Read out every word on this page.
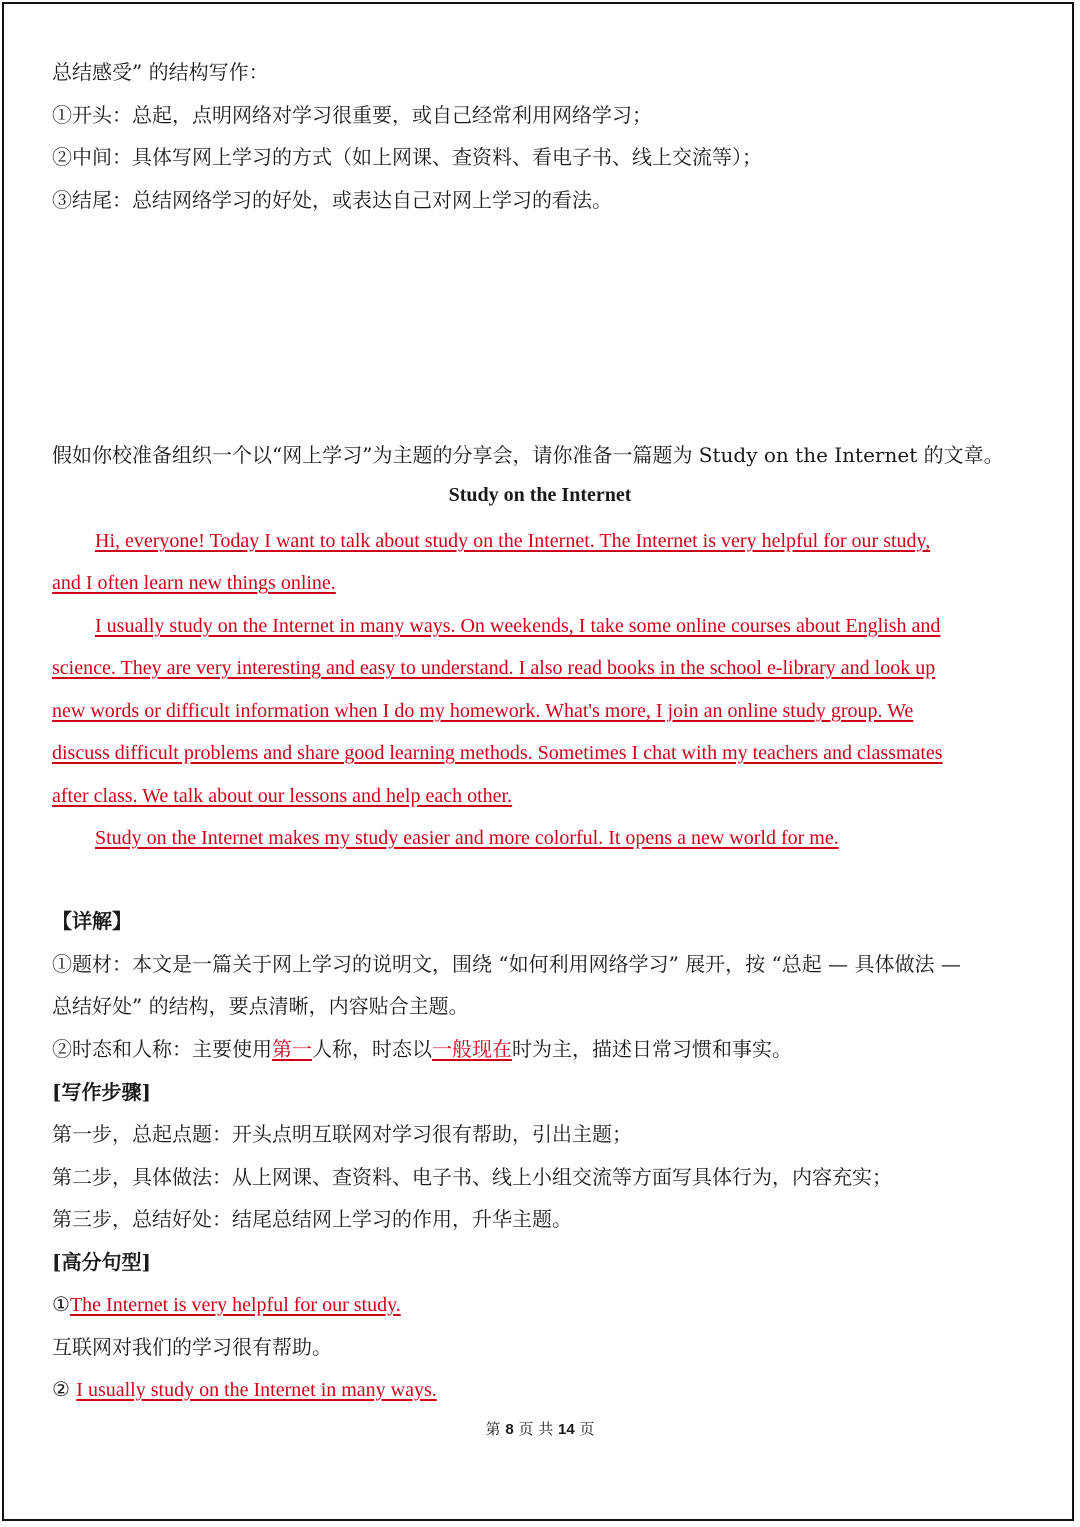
总结感受” 的结构写作：
①开头：总起，点明网络对学习很重要，或自己经常利用网络学习；
②中间：具体写网上学习的方式（如上网课、查资料、看电子书、线上交流等）；
③结尾：总结网络学习的好处，或表达自己对网上学习的看法。
假如你校准备组织一个以“网上学习”为主题的分享会，请你准备一篇题为 Study on the Internet 的文章。
Study on the Internet
Hi, everyone! Today I want to talk about study on the Internet. The Internet is very helpful for our study,
and I often learn new things online.
I usually study on the Internet in many ways. On weekends, I take some online courses about English and
science. They are very interesting and easy to understand. I also read books in the school e-library and look up
new words or difficult information when I do my homework. What's more, I join an online study group. We
discuss difficult problems and share good learning methods. Sometimes I chat with my teachers and classmates
after class. We talk about our lessons and help each other.
Study on the Internet makes my study easier and more colorful. It opens a new world for me.
【详解】
①题材：本文是一篇关于网上学习的说明文，围绕 “如何利用网络学习” 展开，按 “总起 — 具体做法 —
总结好处” 的结构，要点清晰，内容贴合主题。
②时态和人称：主要使用第一人称，时态以一般现在时为主，描述日常习惯和事实。
[写作步骤]
第一步，总起点题：开头点明互联网对学习很有帮助，引出主题；
第二步，具体做法：从上网课、查资料、电子书、线上小组交流等方面写具体行为，内容充实；
第三步，总结好处：结尾总结网上学习的作用，升华主题。
[高分句型]
①The Internet is very helpful for our study.
互联网对我们的学习很有帮助。
② I usually study on the Internet in many ways.
第 8 页 共 14 页
